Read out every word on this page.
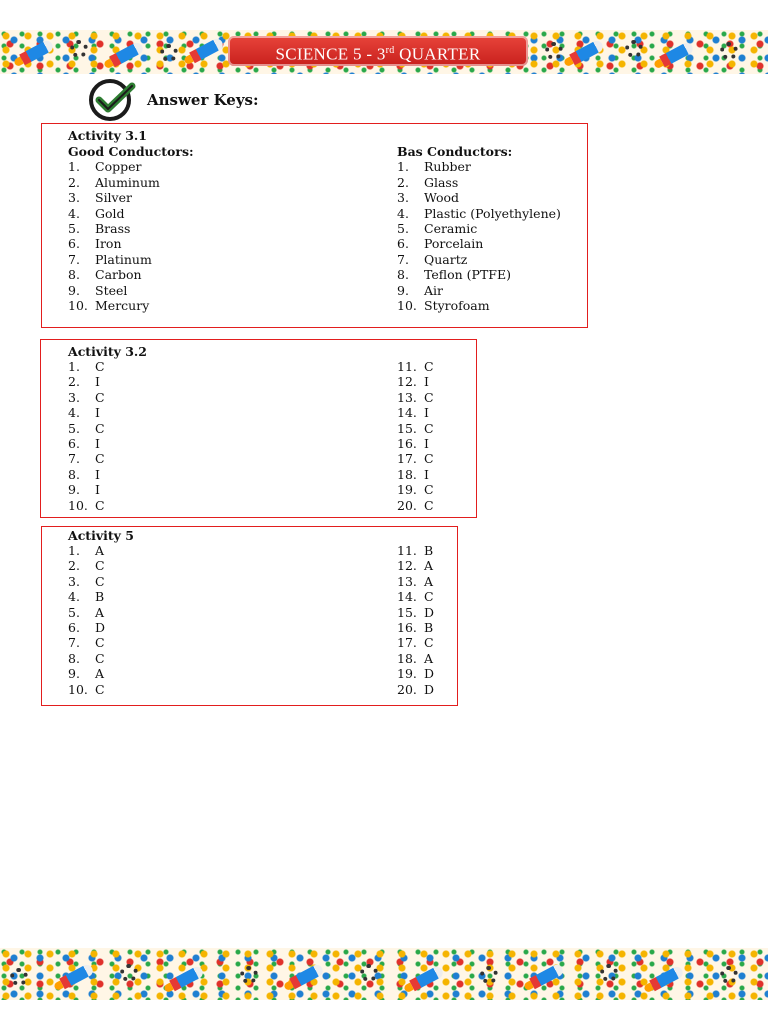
SCIENCE 5 - 3rd QUARTER
Answer Keys:
Activity 3.1
Good Conductors:
1.	Copper
2.	Aluminum
3.	Silver
4.	Gold
5.	Brass
6.	Iron
7.	Platinum
8.	Carbon
9.	Steel
10. Mercury
Bas Conductors:
1.	Rubber
2.	Glass
3.	Wood
4.	Plastic (Polyethylene)
5.	Ceramic
6.	Porcelain
7.	Quartz
8.	Teflon (PTFE)
9.	Air
10. Styrofoam
Activity 3.2
1.	C
2.	I
3.	C
4.	I
5.	C
6.	I
7.	C
8.	I
9.	I
10. C
11. C
12. I
13. C
14. I
15. C
16. I
17. C
18. I
19. C
20. C
Activity 5
1.	A
2.	C
3.	C
4.	B
5.	A
6.	D
7.	C
8.	C
9.	A
10. C
11. B
12. A
13. A
14. C
15. D
16. B
17. C
18. A
19. D
20. D
